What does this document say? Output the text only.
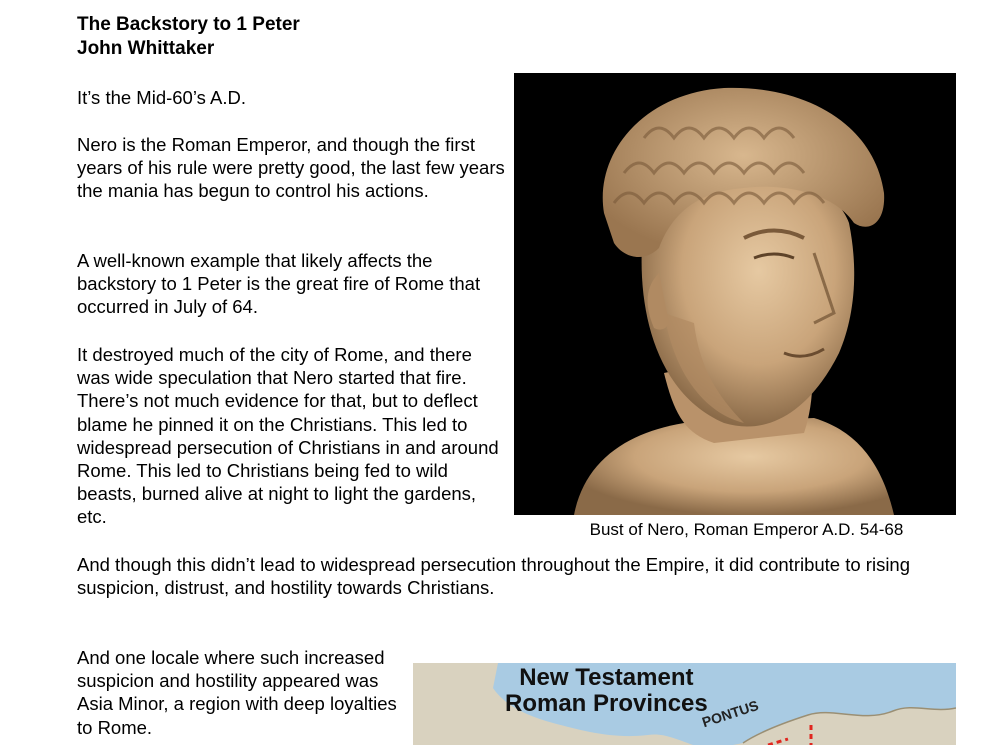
The Backstory to 1 Peter
John Whittaker

It’s the Mid-60’s A.D.

Nero is the Roman Emperor, and though the first years of his rule were pretty good, the last few years the mania has begun to control his actions.

A well-known example that likely affects the backstory to 1 Peter is the great fire of Rome that occurred in July of 64.

It destroyed much of the city of Rome, and there was wide speculation that Nero started that fire. There’s not much evidence for that, but to deflect blame he pinned it on the Christians. This led to widespread persecution of Christians in and around Rome. This led to Christians being fed to wild beasts, burned alive at night to light the gardens, etc.

And though this didn’t lead to widespread persecution throughout the Empire, it did contribute to rising suspicion, distrust, and hostility towards Christians.

And one locale where such increased suspicion and hostility appeared was Asia Minor, a region with deep loyalties to Rome.

Bust of Nero, Roman Emperor A.D. 54-68

New Testament
Roman Provinces
PONTUS
